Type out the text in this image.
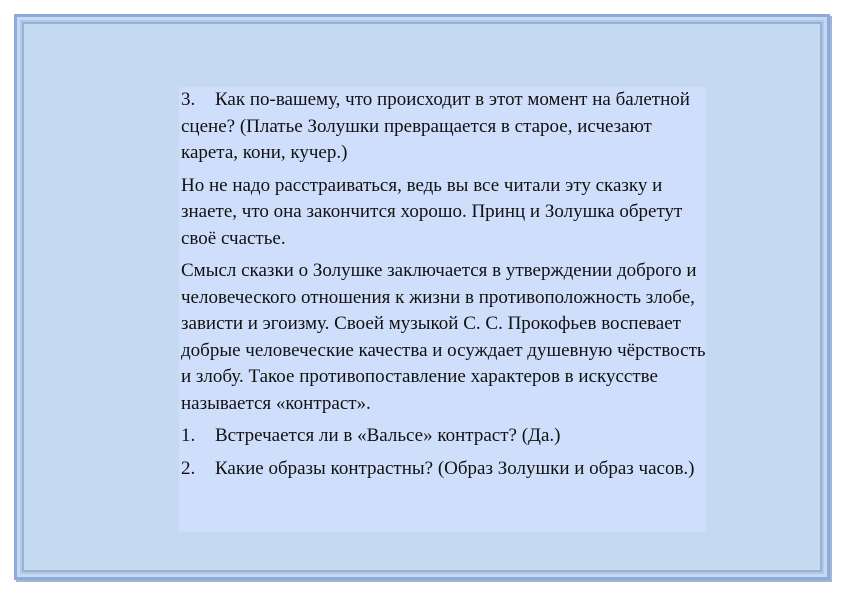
3. Как по-вашему, что происходит в этот момент на балетной сцене? (Платье Золушки превращается в старое, исчезают карета, кони, кучер.)

Но не надо расстраиваться, ведь вы все читали эту сказку и знаете, что она закончится хорошо. Принц и Золушка обретут своё счастье.

Смысл сказки о Золушке заключается в утверждении доброго и человеческого отношения к жизни в противоположность злобе, зависти и эгоизму. Своей музыкой С. С. Прокофьев воспевает добрые человеческие качества и осуждает душевную чёрствость и злобу. Такое противопоставление характеров в искусстве называется «контраст».

1. Встречается ли в «Вальсе» контраст? (Да.)

2. Какие образы контрастны? (Образ Золушки и образ часов.)
